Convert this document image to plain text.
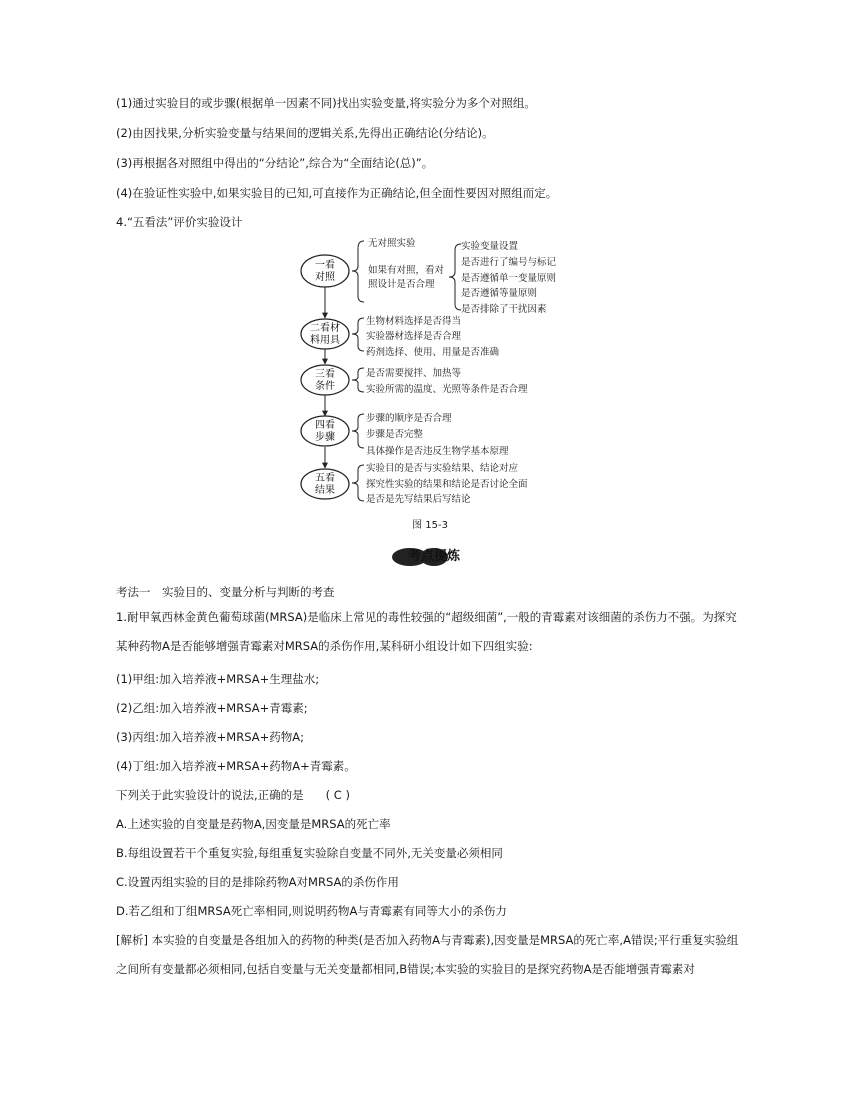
(1)通过实验目的或步骤(根据单一因素不同)找出实验变量,将实验分为多个对照组。
(2)由因找果,分析实验变量与结果间的逻辑关系,先得出正确结论(分结论)。
(3)再根据各对照组中得出的“分结论”,综合为“全面结论(总)”。
(4)在验证性实验中,如果实验目的已知,可直接作为正确结论,但全面性要因对照组而定。
4.“五看法”评价实验设计
一看
对照
二看材
料用具
三看
条件
四看
步骤
五看
结果
无对照实验
如果有对照，看对
照设计是否合理
实验变量设置
是否进行了编号与标记
是否遵循单一变量原则
是否遵循等量原则
是否排除了干扰因素
生物材料选择是否得当
实验器材选择是否合理
药剂选择、使用、用量是否准确
是否需要搅拌、加热等
实验所需的温度、光照等条件是否合理
步骤的顺序是否合理
步骤是否完整
具体操作是否违反生物学基本原理
实验目的是否与实验结果、结论对应
探究性实验的结果和结论是否讨论全面
是否是先写结果后写结论
图 15-3
考点提炼
考法一　实验目的、变量分析与判断的考查
1.耐甲氧西林金黄色葡萄球菌(MRSA)是临床上常见的毒性较强的“超级细菌”,一般的青霉素对该细菌的杀伤力不强。为探究某种药物A是否能够增强青霉素对MRSA的杀伤作用,某科研小组设计如下四组实验:
(1)甲组:加入培养液+MRSA+生理盐水;
(2)乙组:加入培养液+MRSA+青霉素;
(3)丙组:加入培养液+MRSA+药物A;
(4)丁组:加入培养液+MRSA+药物A+青霉素。
下列关于此实验设计的说法,正确的是 ( C )
A.上述实验的自变量是药物A,因变量是MRSA的死亡率
B.每组设置若干个重复实验,每组重复实验除自变量不同外,无关变量必须相同
C.设置丙组实验的目的是排除药物A对MRSA的杀伤作用
D.若乙组和丁组MRSA死亡率相同,则说明药物A与青霉素有同等大小的杀伤力
[解析] 本实验的自变量是各组加入的药物的种类(是否加入药物A与青霉素),因变量是MRSA的死亡率,A错误;平行重复实验组之间所有变量都必须相同,包括自变量与无关变量都相同,B错误;本实验的实验目的是探究药物A是否能增强青霉素对
